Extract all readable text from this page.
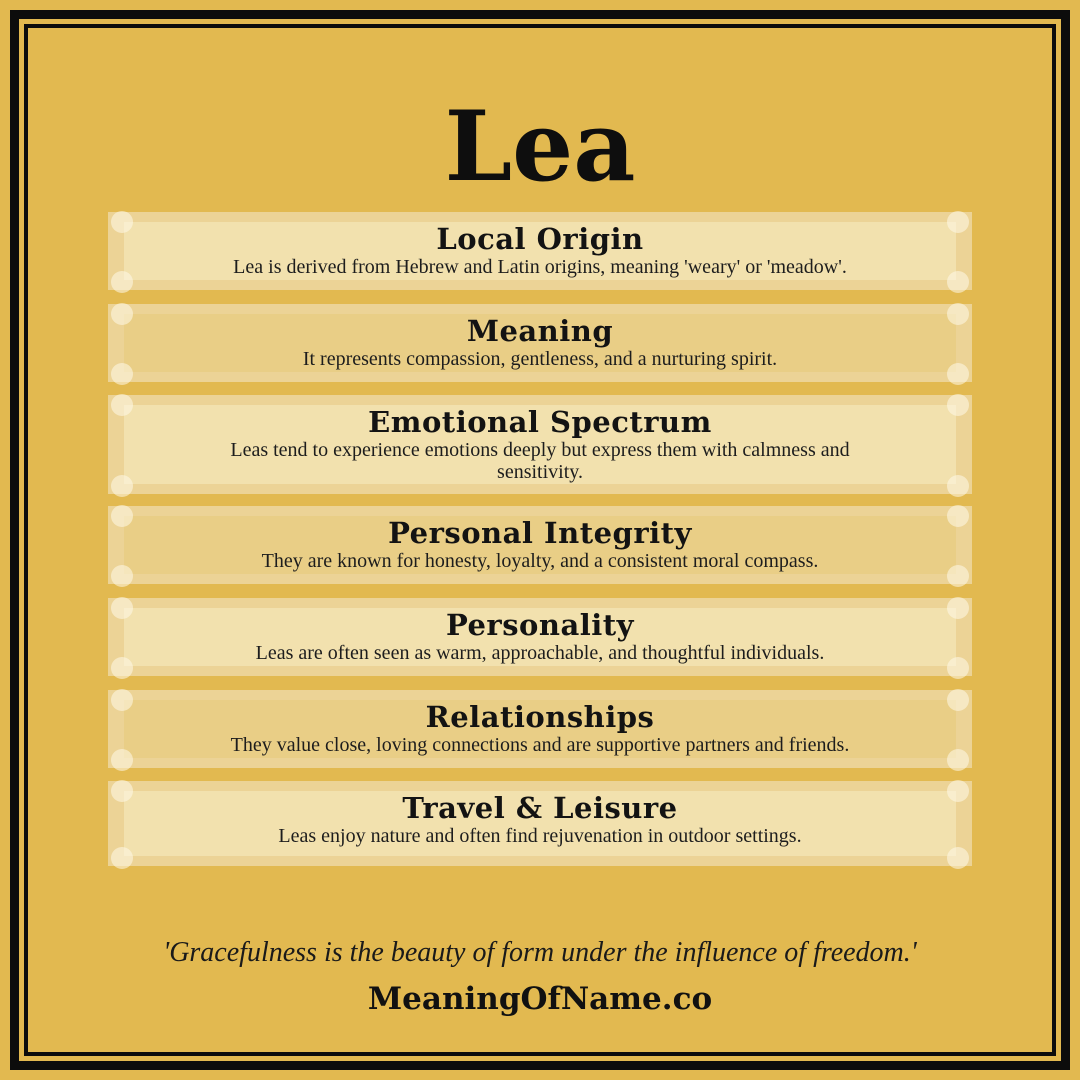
Lea
Local Origin

Lea is derived from Hebrew and Latin origins, meaning 'weary' or 'meadow'.

Meaning

It represents compassion, gentleness, and a nurturing spirit.

Emotional Spectrum

Leas tend to experience emotions deeply but express them with calmness and sensitivity.

Personal Integrity

They are known for honesty, loyalty, and a consistent moral compass.

Personality

Leas are often seen as warm, approachable, and thoughtful individuals.

Relationships

They value close, loving connections and are supportive partners and friends.

Travel & Leisure

Leas enjoy nature and often find rejuvenation in outdoor settings.

'Gracefulness is the beauty of form under the influence of freedom.'
MeaningOfName.co
